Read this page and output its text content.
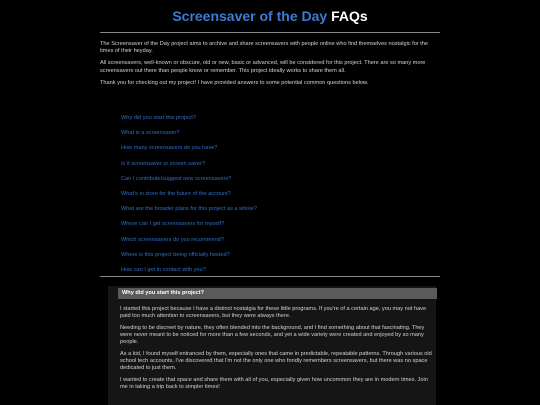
Screensaver of the Day FAQs

The Screensaver of the Day project aims to archive and share screensavers with people online who find themselves nostalgic for the times of their heyday.

All screensavers, well-known or obscure, old or new, basic or advanced, will be considered for this project. There are so many more screensavers out there than people know or remember. This project ideally works to share them all.

Thank you for checking out my project! I have provided answers to some potential common questions below.

Why did you start this project?
What is a screensaver?
How many screensavers do you have?
Is it screensaver or screen saver?
Can I contribute/suggest new screensavers?
What's in store for the future of the account?
What are the broader plans for this project as a whole?
Where can I get screensavers for myself?
Which screensavers do you recommend?
Where is this project being officially hosted?
How can I get in contact with you?
Why did you start this project?

I started this project because I have a distinct nostalgia for these little programs. If you're of a certain age, you may not have paid too much attention to screensavers, but they were always there.

Needing to be discreet by nature, they often blended into the background, and I find something about that fascinating. They were never meant to be noticed for more than a few seconds, and yet a wide variety were created and enjoyed by so many people.

As a kid, I found myself entranced by them, especially ones that came in predictable, repeatable patterns. Through various old school tech accounts, I've discovered that I'm not the only one who fondly remembers screensavers, but there was no space dedicated to just them.

I wanted to create that space and share them with all of you, especially given how uncommon they are in modern times. Join me in taking a trip back to simpler times!
